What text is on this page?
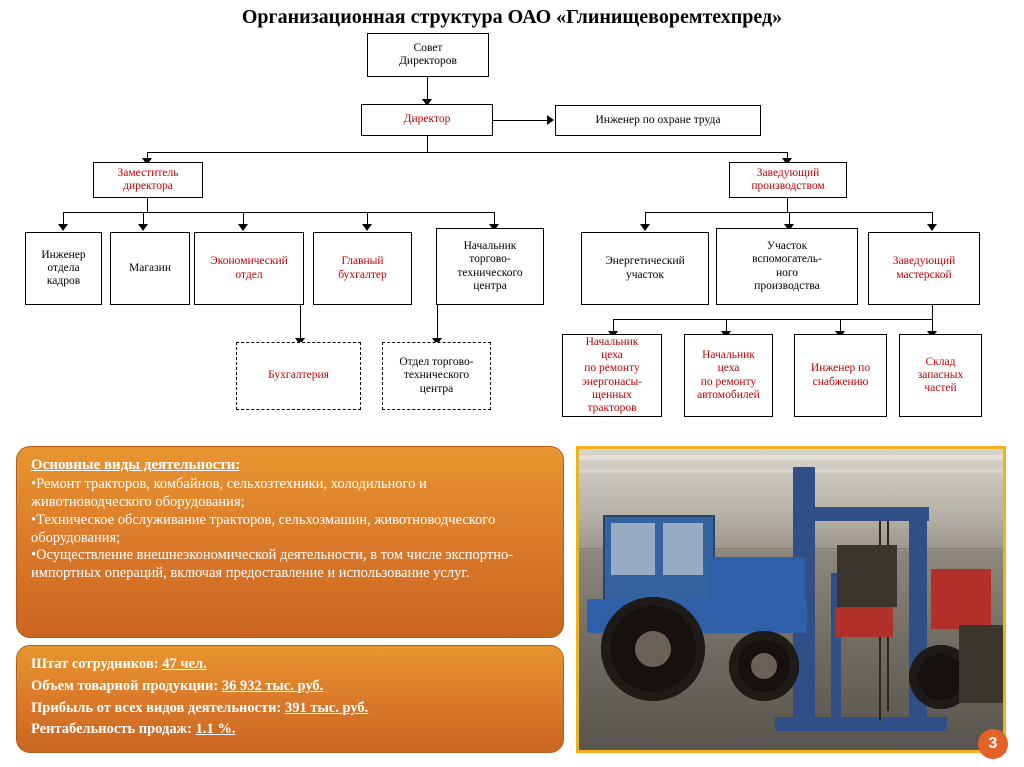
Организационная структура ОАО «Глинищеворемтехпред»
Совет
Директоров
Директор	Инженер по охране труда
Заместитель
директора
Заведующий
производством
Инженер
отдела
кадров
Магазин
Экономический
отдел
Главный
бухгалтер
Начальник
торгово-
технического
центра
Энергетический
участок
Участок
вспомогатель-
ного
производства
Заведующий
мастерской
Бухгалтерия
Отдел торгово-
технического
центра
Начальник
цеха
по ремонту
энергонасы-
щенных
тракторов
Начальник
цеха
по ремонту
автомобилей
Инженер по
снабжению
Склад
запасных
частей
Основные виды деятельности:

•Ремонт тракторов, комбайнов, сельхозтехники, холодильного и животноводческого оборудования;

•Техническое обслуживание тракторов, сельхозмашин, животноводческого оборудования;

•Осуществление внешнеэкономической деятельности, в том числе экспортно-импортных операций, включая предоставление и использование услуг.

Штат сотрудников: 47 чел.
Объем товарной продукции: 36 932 тыс. руб.
Прибыль от всех видов деятельности: 391 тыс. руб.
Рентабельность продаж: 1.1 %.
3
